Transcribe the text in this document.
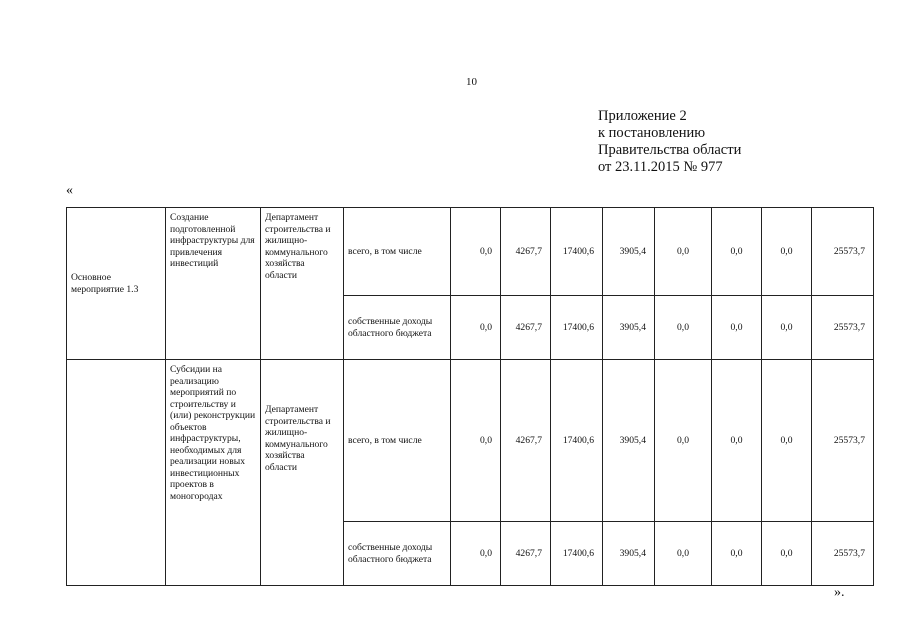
10
Приложение 2
к постановлению
Правительства области
от 23.11.2015 № 977
«
Основное мероприятие 1.3	Создание подготовленной инфраструктуры для привлечения инвестиций	Департамент строительства и жилищно-коммунального хозяйства области	всего, в том числе	0,0	4267,7	17400,6	3905,4	0,0	0,0	0,0	25573,7
			собственные доходы областного бюджета	0,0	4267,7	17400,6	3905,4	0,0	0,0	0,0	25573,7
	Субсидии на реализацию мероприятий по строительству и (или) реконструкции объектов инфраструктуры, необходимых для реализации новых инвестиционных проектов в моногородах	Департамент строительства и жилищно-коммунального хозяйства области	всего, в том числе	0,0	4267,7	17400,6	3905,4	0,0	0,0	0,0	25573,7
			собственные доходы областного бюджета	0,0	4267,7	17400,6	3905,4	0,0	0,0	0,0	25573,7
».
